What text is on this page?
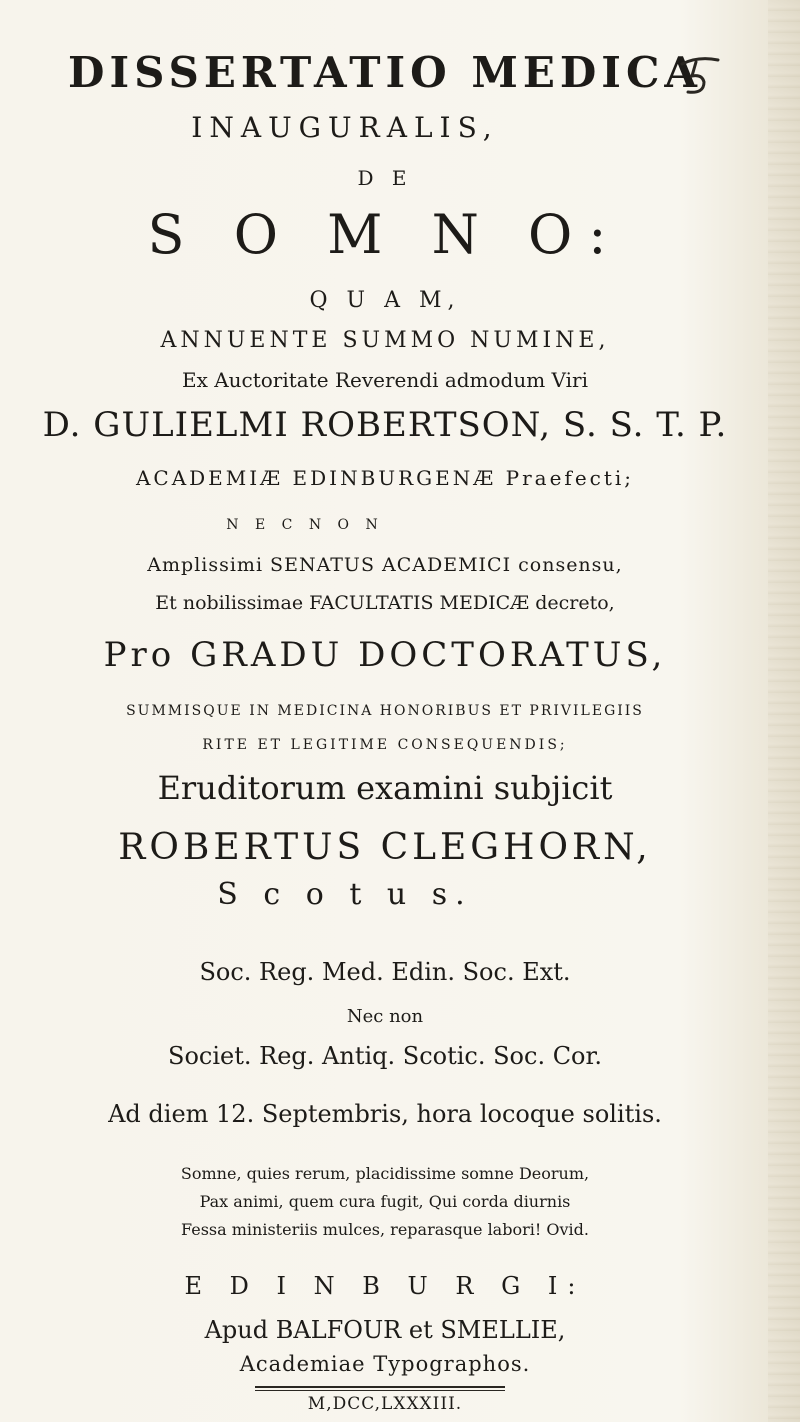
DISSERTATIO MEDICA
INAUGURALIS,
D E
S O M N O:
Q U A M,
ANNUENTE SUMMO NUMINE,
Ex Auctoritate Reverendi admodum Viri
D. GULIELMI ROBERTSON, S. S. T. P.
ACADEMIÆ EDINBURGENÆ Praefecti;
N E C N O N
Amplissimi SENATUS ACADEMICI consensu,
Et nobilissimae FACULTATIS MEDICÆ decreto,
Pro GRADU DOCTORATUS,
SUMMISQUE IN MEDICINA HONORIBUS ET PRIVILEGIIS
RITE ET LEGITIME CONSEQUENDIS;
Eruditorum examini subjicit
ROBERTUS CLEGHORN,
S c o t u s.
Soc. Reg. Med. Edin. Soc. Ext.
Nec non
Societ. Reg. Antiq. Scotic. Soc. Cor.
Ad diem 12. Septembris, hora locoque solitis.
Somne, quies rerum, placidissime somne Deorum,
Pax animi, quem cura fugit, Qui corda diurnis
Fessa ministeriis mulces, reparasque labori! Ovid.
E D I N B U R G I:
Apud BALFOUR et SMELLIE,
Academiae Typographos.
M,DCC,LXXXIII.
